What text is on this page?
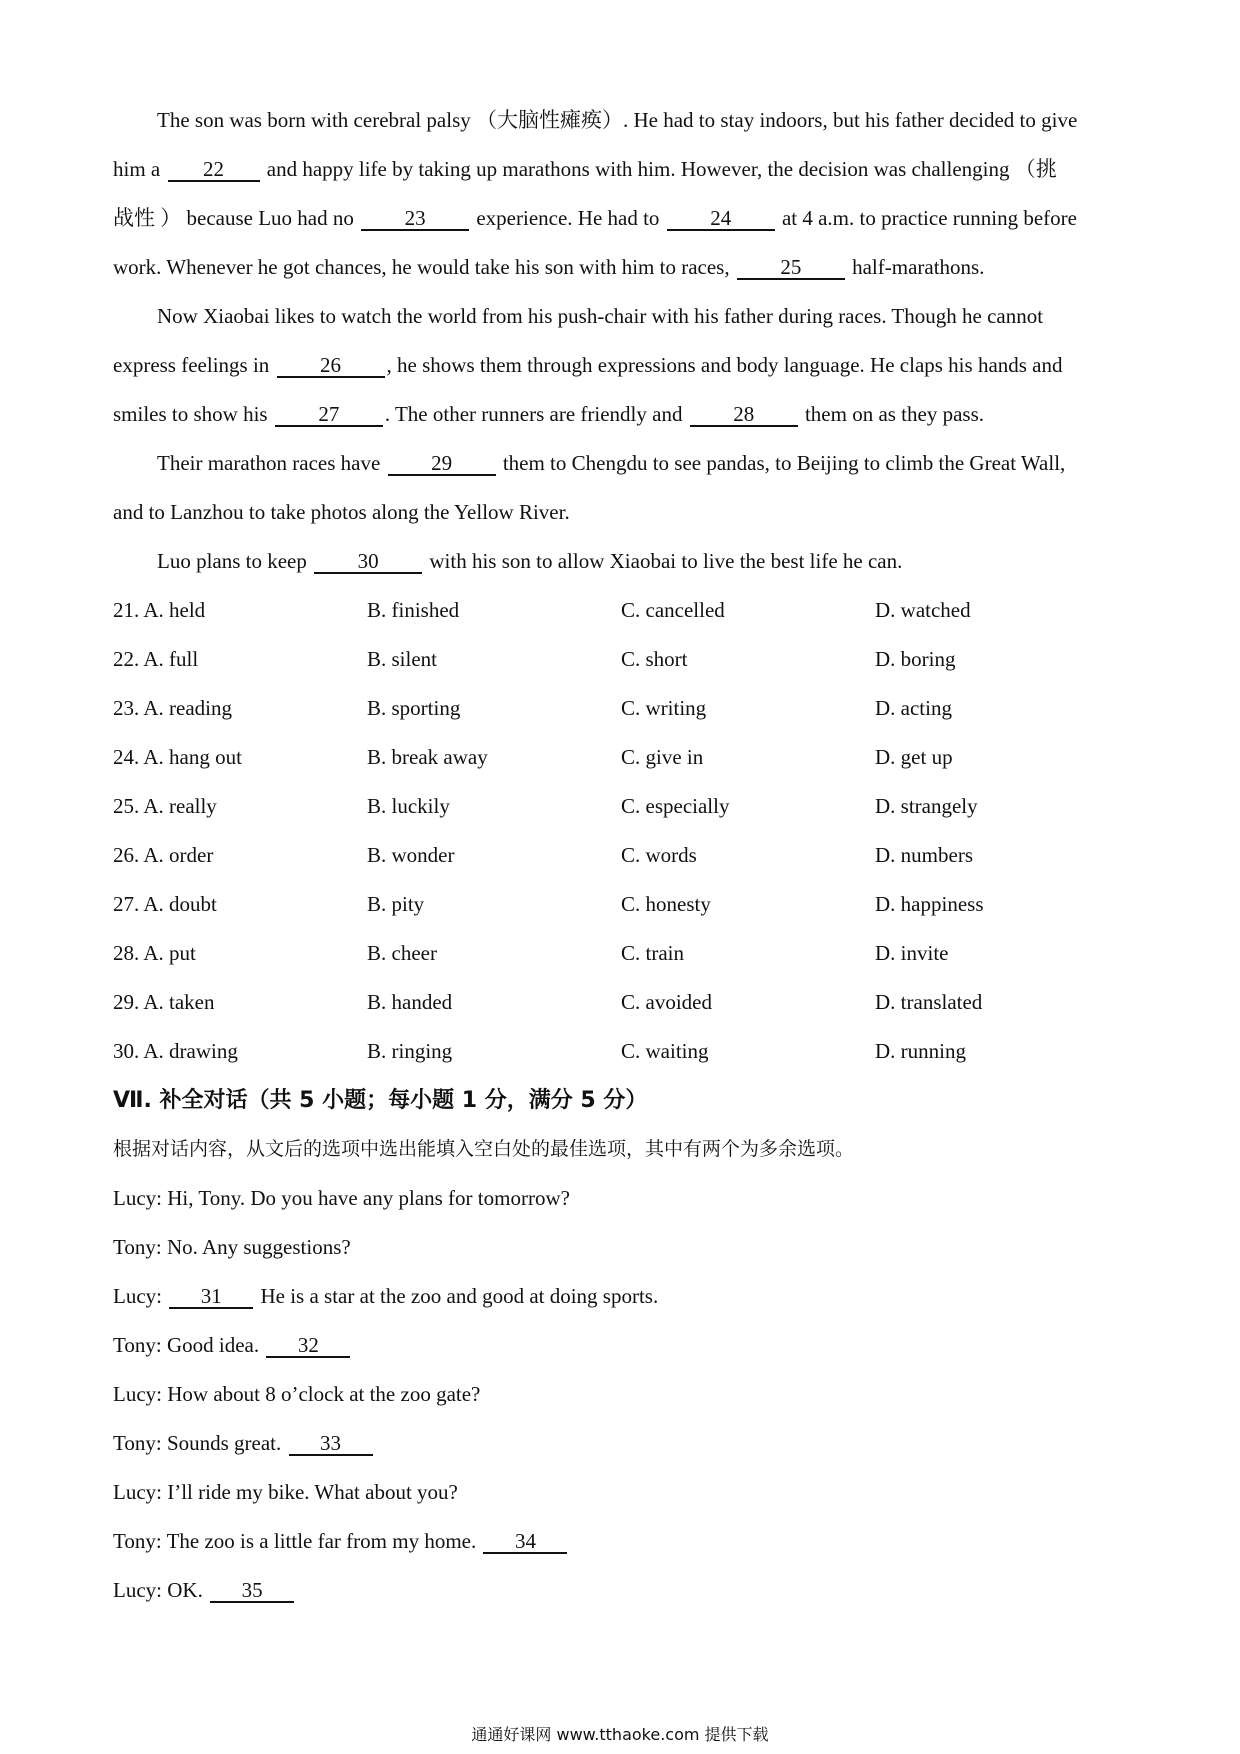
The son was born with cerebral palsy （大脑性瘫痪）. He had to stay indoors, but his father decided to give
him a 22 and happy life by taking up marathons with him. However, the decision was challenging （挑
战性 ） because Luo had no 23 experience. He had to 24 at 4 a.m. to practice running before
work. Whenever he got chances, he would take his son with him to races, 25 half-marathons.
Now Xiaobai likes to watch the world from his push-chair with his father during races. Though he cannot
express feelings in 26 , he shows them through expressions and body language. He claps his hands and
smiles to show his 27 . The other runners are friendly and 28 them on as they pass.
Their marathon races have 29 them to Chengdu to see pandas, to Beijing to climb the Great Wall,
and to Lanzhou to take photos along the Yellow River.
Luo plans to keep 30 with his son to allow Xiaobai to live the best life he can.
21. A. held	B. finished	C. cancelled	D. watched
22. A. full	B. silent	C. short	D. boring
23. A. reading	B. sporting	C. writing	D. acting
24. A. hang out	B. break away	C. give in	D. get up
25. A. really	B. luckily	C. especially	D. strangely
26. A. order	B. wonder	C. words	D. numbers
27. A. doubt	B. pity	C. honesty	D. happiness
28. A. put	B. cheer	C. train	D. invite
29. A. taken	B. handed	C. avoided	D. translated
30. A. drawing	B. ringing	C. waiting	D. running
Ⅶ. 补全对话（共 5 小题；每小题 1 分，满分 5 分）
根据对话内容，从文后的选项中选出能填入空白处的最佳选项，其中有两个为多余选项。
Lucy: Hi, Tony. Do you have any plans for tomorrow?
Tony: No. Any suggestions?
Lucy: 31 He is a star at the zoo and good at doing sports.
Tony: Good idea. 32
Lucy: How about 8 o’clock at the zoo gate?
Tony: Sounds great. 33
Lucy: I’ll ride my bike. What about you?
Tony: The zoo is a little far from my home. 34
Lucy: OK. 35
通通好课网 www.tthaoke.com 提供下载
